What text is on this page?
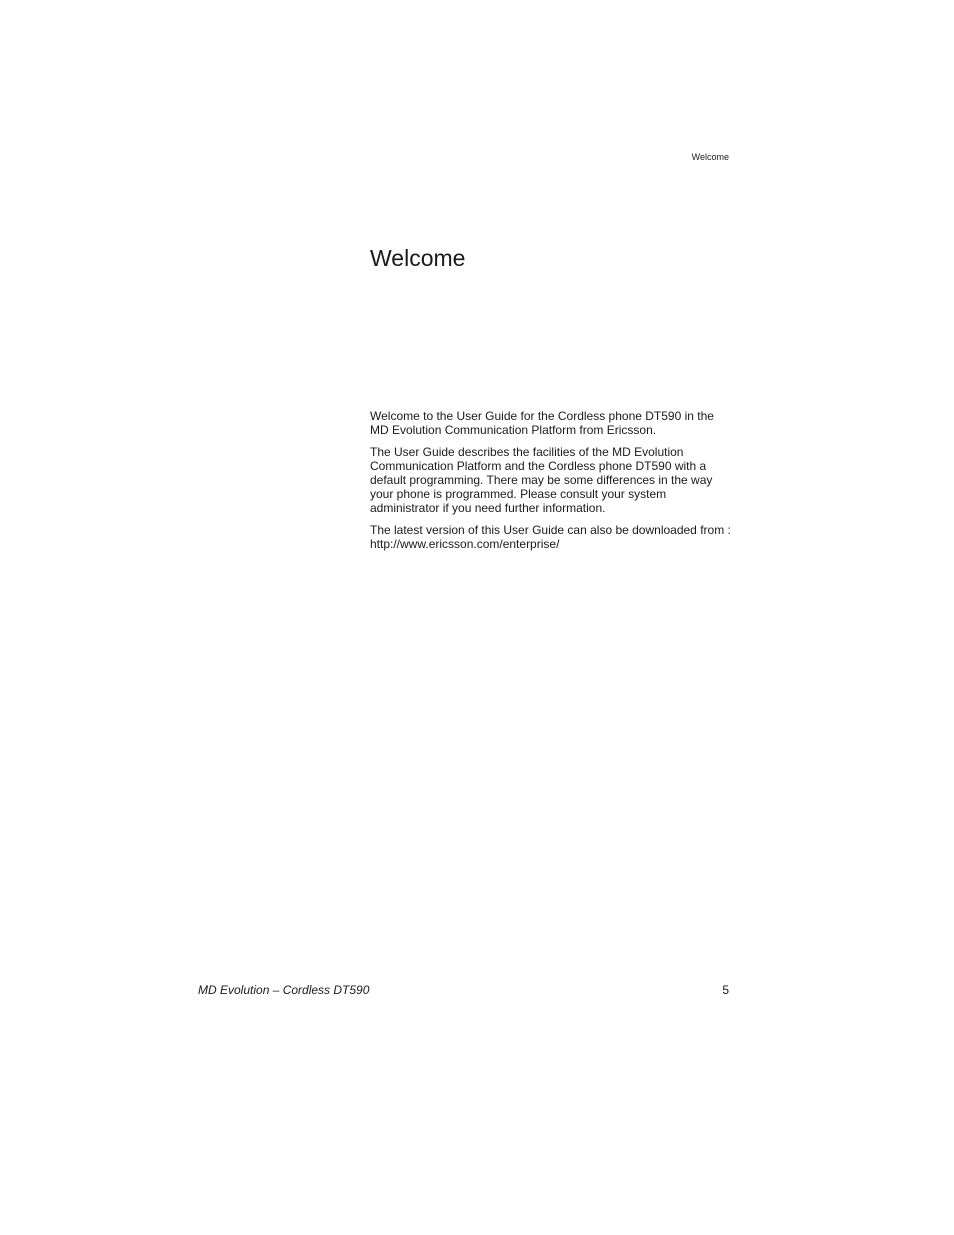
Welcome
Welcome

Welcome to the User Guide for the Cordless phone DT590 in the MD Evolution Communication Platform from Ericsson.

The User Guide describes the facilities of the MD Evolution Communication Platform and the Cordless phone DT590 with a default programming. There may be some differences in the way your phone is programmed. Please consult your system administrator if you need further information.

The latest version of this User Guide can also be downloaded from : http://www.ericsson.com/enterprise/

MD Evolution – Cordless DT590	5
